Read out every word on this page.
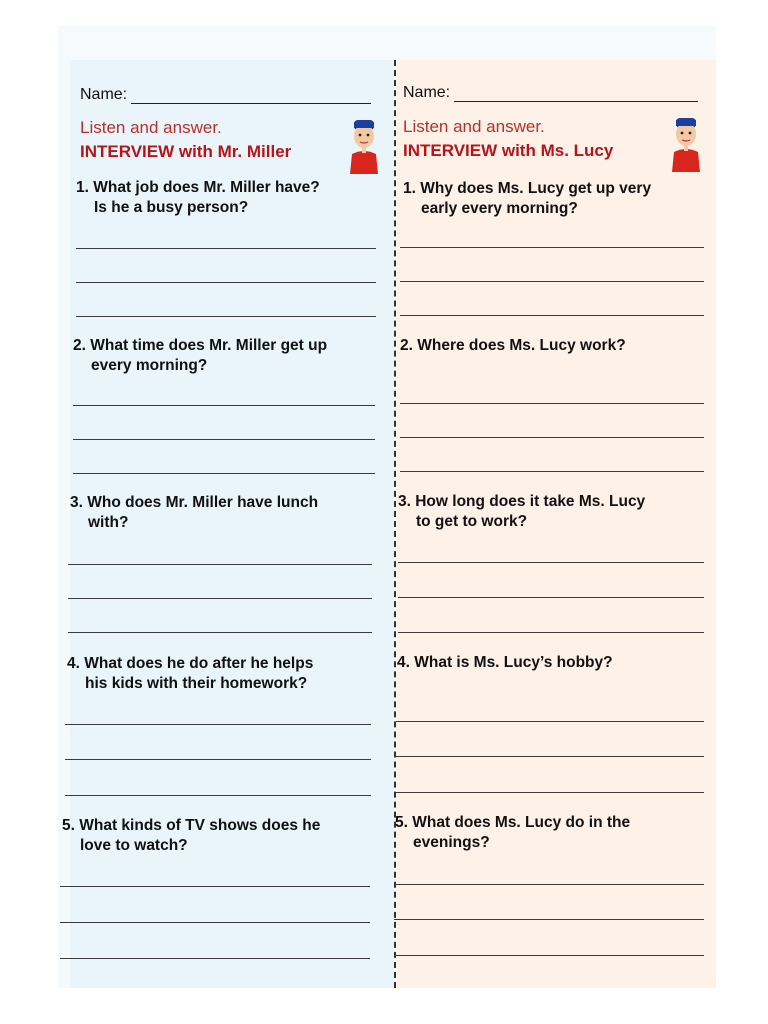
Name:
Listen and answer.
INTERVIEW with Mr. Miller
Name:
Listen and answer.
INTERVIEW with Ms. Lucy
1. What job does Mr. Miller have?
Is he a busy person?
2. What time does Mr. Miller get up
every morning?
3. Who does Mr. Miller have lunch
with?
4. What does he do after he helps
his kids with their homework?
5. What kinds of TV shows does he
love to watch?
1. Why does Ms. Lucy get up very
early every morning?
2. Where does Ms. Lucy work?
3. How long does it take Ms. Lucy
to get to work?
4. What is Ms. Lucy’s hobby?
5. What does Ms. Lucy do in the
evenings?
